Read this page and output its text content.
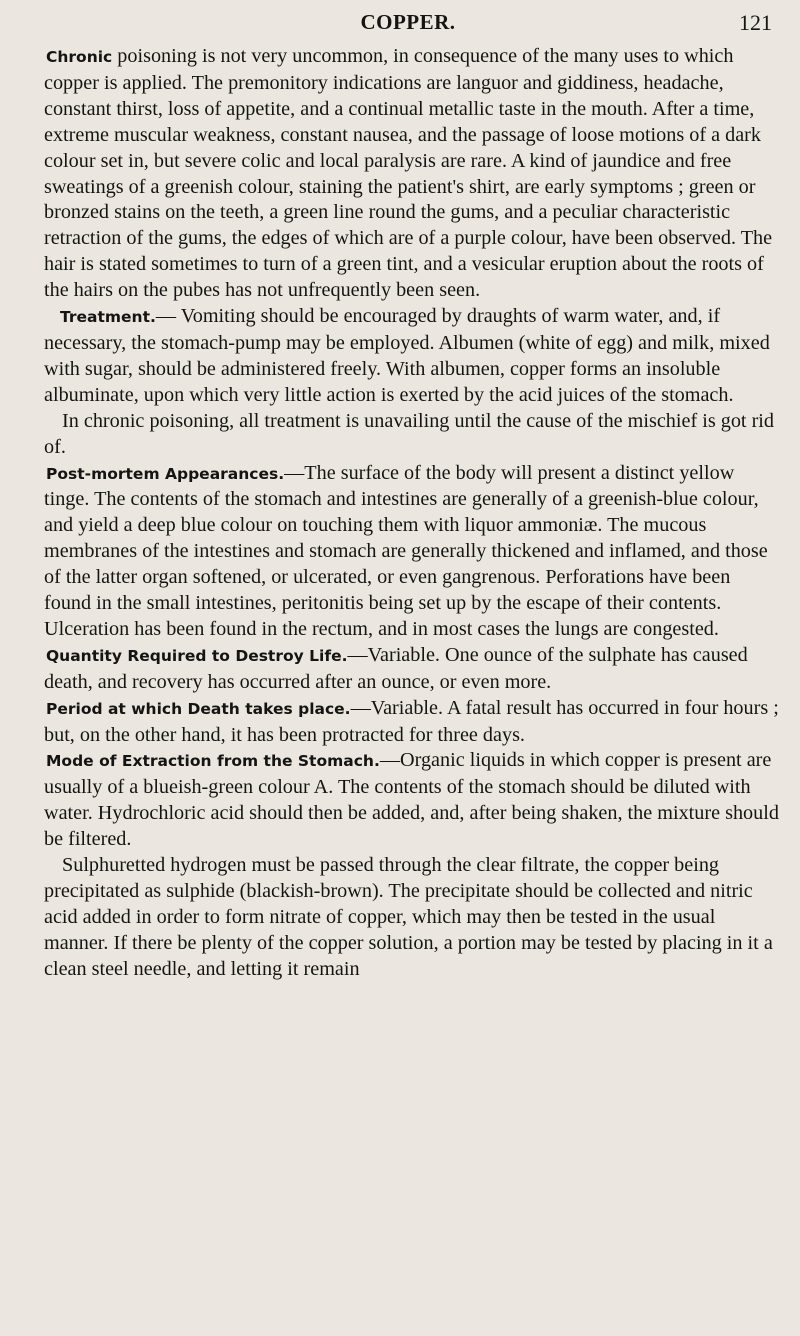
COPPER.	121

Chronic poisoning is not very uncommon, in consequence of the many uses to which copper is applied. The premonitory indications are languor and giddiness, headache, constant thirst, loss of appetite, and a continual metallic taste in the mouth. After a time, extreme muscular weakness, constant nausea, and the passage of loose motions of a dark colour set in, but severe colic and local paralysis are rare. A kind of jaundice and free sweatings of a greenish colour, staining the patient's shirt, are early symptoms ; green or bronzed stains on the teeth, a green line round the gums, and a peculiar characteristic retraction of the gums, the edges of which are of a purple colour, have been observed. The hair is stated sometimes to turn of a green tint, and a vesicular eruption about the roots of the hairs on the pubes has not unfrequently been seen.

Treatment.— Vomiting should be encouraged by draughts of warm water, and, if necessary, the stomach-pump may be employed. Albumen (white of egg) and milk, mixed with sugar, should be administered freely. With albumen, copper forms an insoluble albuminate, upon which very little action is exerted by the acid juices of the stomach.

In chronic poisoning, all treatment is unavailing until the cause of the mischief is got rid of.

Post-mortem Appearances.—The surface of the body will present a distinct yellow tinge. The contents of the stomach and intestines are generally of a greenish-blue colour, and yield a deep blue colour on touching them with liquor ammoniæ. The mucous membranes of the intestines and stomach are generally thickened and inflamed, and those of the latter organ softened, or ulcerated, or even gangrenous. Perforations have been found in the small intestines, peritonitis being set up by the escape of their contents. Ulceration has been found in the rectum, and in most cases the lungs are congested.

Quantity Required to Destroy Life.—Variable. One ounce of the sulphate has caused death, and recovery has occurred after an ounce, or even more.

Period at which Death takes place.—Variable. A fatal result has occurred in four hours ; but, on the other hand, it has been protracted for three days.

Mode of Extraction from the Stomach.—Organic liquids in which copper is present are usually of a blueish-green colour A. The contents of the stomach should be diluted with water. Hydrochloric acid should then be added, and, after being shaken, the mixture should be filtered.

Sulphuretted hydrogen must be passed through the clear filtrate, the copper being precipitated as sulphide (blackish-brown). The precipitate should be collected and nitric acid added in order to form nitrate of copper, which may then be tested in the usual manner. If there be plenty of the copper solution, a portion may be tested by placing in it a clean steel needle, and letting it remain
